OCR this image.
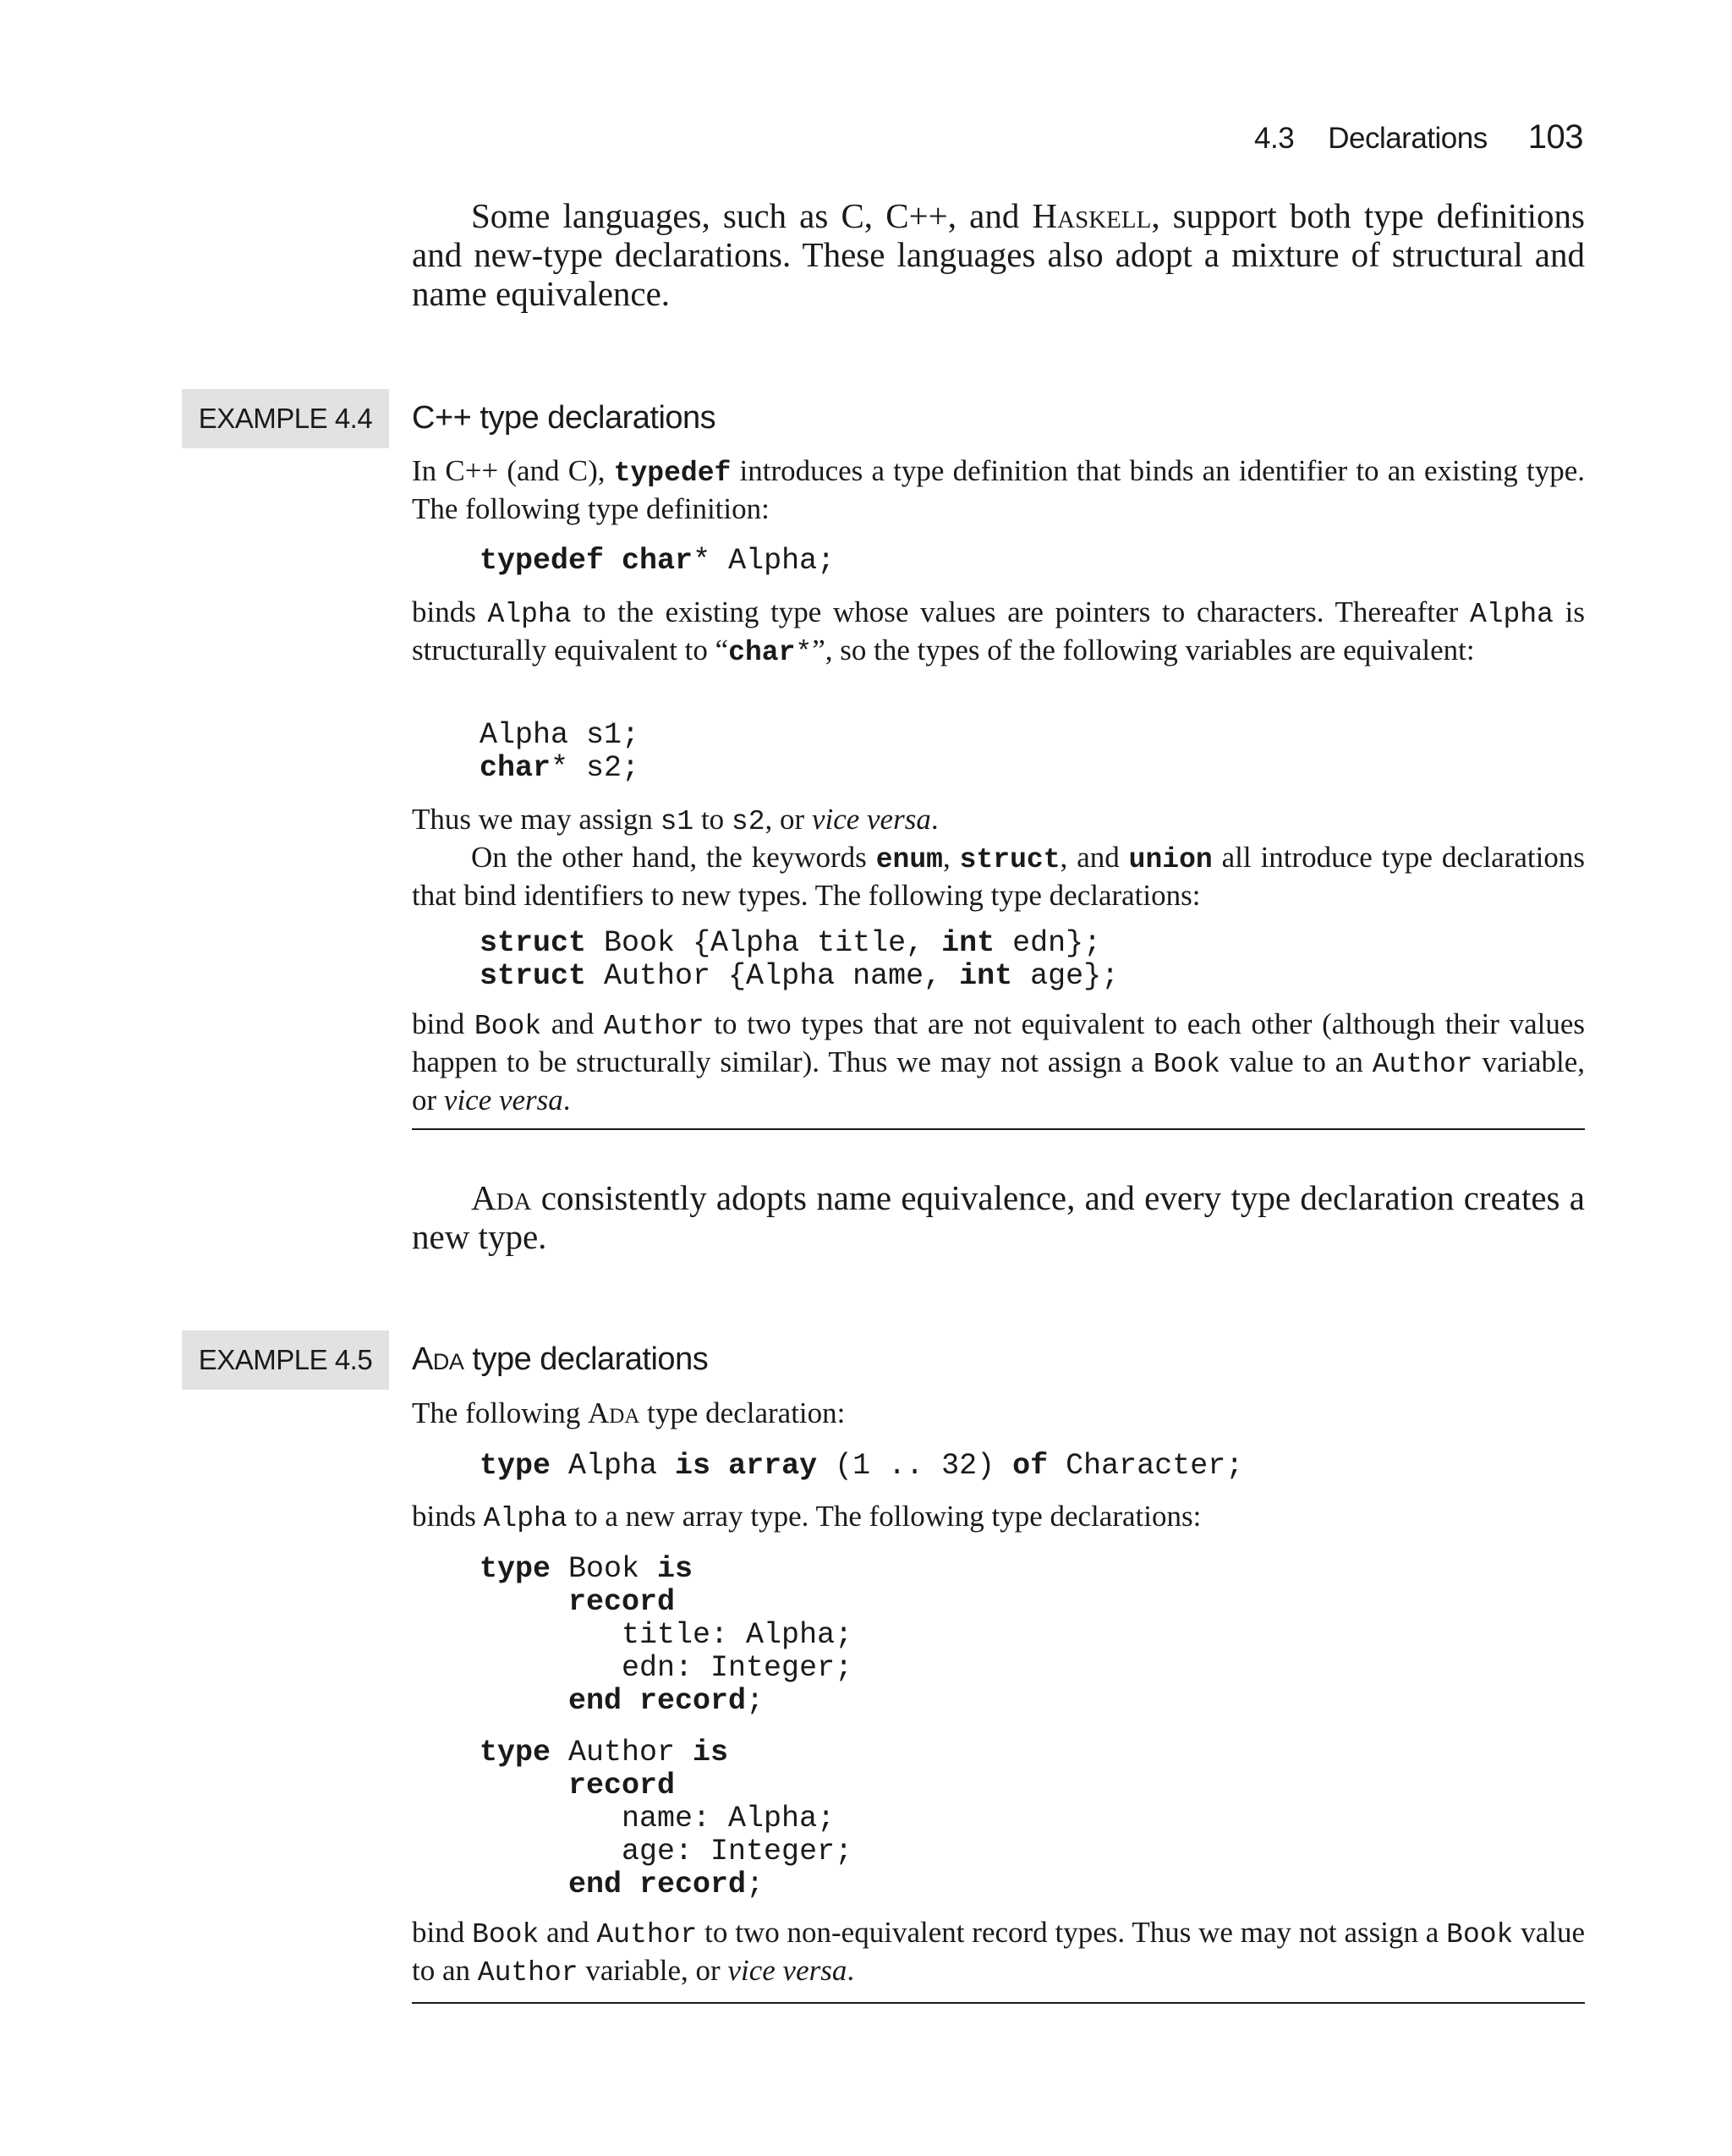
4.3 Declarations 103
Some languages, such as C, C++, and Haskell, support both type definitions and new-type declarations. These languages also adopt a mixture of structural and name equivalence.
EXAMPLE 4.4	C++ type declarations
In C++ (and C), typedef introduces a type definition that binds an identifier to an existing type. The following type definition:
typedef char* Alpha;
binds Alpha to the existing type whose values are pointers to characters. Thereafter Alpha is structurally equivalent to “char*”, so the types of the following variables are equivalent:
Alpha s1;
char* s2;

Thus we may assign s1 to s2, or vice versa.

On the other hand, the keywords enum, struct, and union all introduce type declarations that bind identifiers to new types. The following type declarations:

struct Book {Alpha title, int edn};
struct Author {Alpha name, int age};
bind Book and Author to two types that are not equivalent to each other (although their values happen to be structurally similar). Thus we may not assign a Book value to an Author variable, or vice versa.
Ada consistently adopts name equivalence, and every type declaration creates a new type.
EXAMPLE 4.5	Ada type declarations
The following Ada type declaration:
type Alpha is array (1 .. 32) of Character;
binds Alpha to a new array type. The following type declarations:
type Book is
record
title: Alpha;
edn: Integer;
end record;
type Author is
record
name: Alpha;
age: Integer;
end record;
bind Book and Author to two non-equivalent record types. Thus we may not assign a Book value to an Author variable, or vice versa.
